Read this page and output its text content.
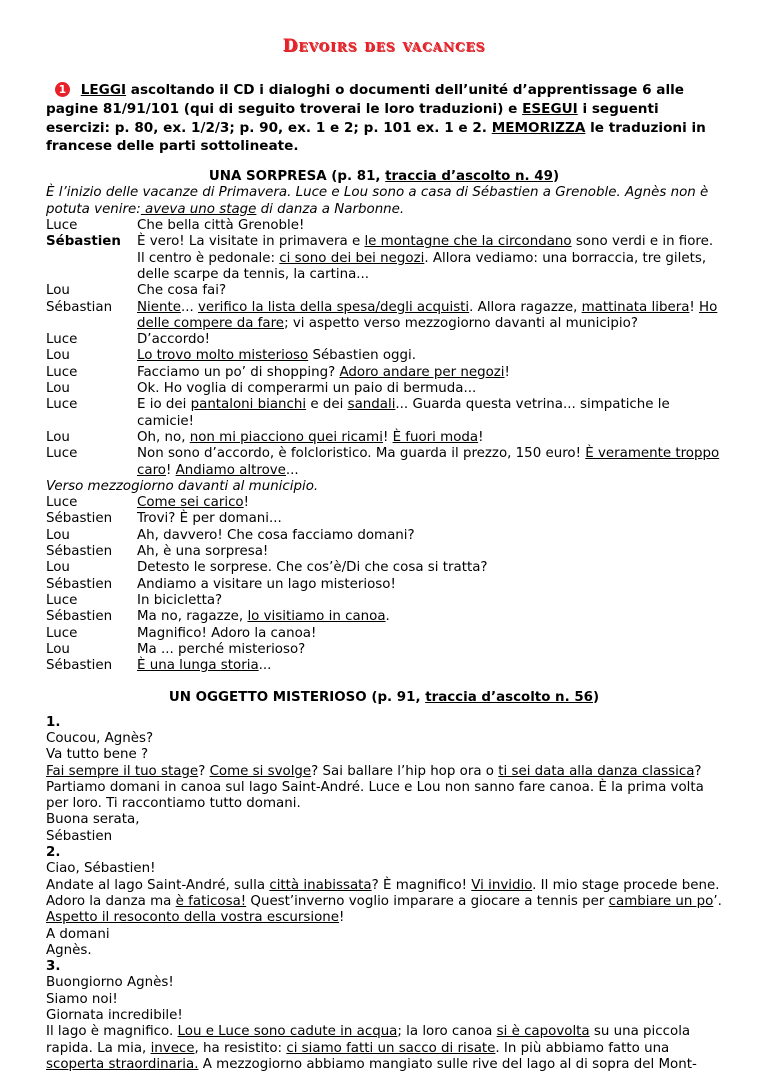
Devoirs des vacances
1 LEGGI ascoltando il CD i dialoghi o documenti dell’unité d’apprentissage 6 alle pagine 81/91/101 (qui di seguito troverai le loro traduzioni) e ESEGUI i seguenti esercizi: p. 80, ex. 1/2/3; p. 90, ex. 1 e 2; p. 101 ex. 1 e 2. MEMORIZZA le traduzioni in francese delle parti sottolineate.
UNA SORPRESA (p. 81, traccia d’ascolto n. 49)
È l’inizio delle vacanze di Primavera. Luce e Lou sono a casa di Sébastien a Grenoble. Agnès non è potuta venire: aveva uno stage di danza a Narbonne.
Luce	Che bella città Grenoble!
Sébastien	È vero! La visitate in primavera e le montagne che la circondano sono verdi e in fiore. Il centro è pedonale: ci sono dei bei negozi. Allora vediamo: una borraccia, tre gilets, delle scarpe da tennis, la cartina...
Lou	Che cosa fai?
Sébastian	Niente... verifico la lista della spesa/degli acquisti. Allora ragazze, mattinata libera! Ho delle compere da fare; vi aspetto verso mezzogiorno davanti al municipio?
Luce	D’accordo!
Lou	Lo trovo molto misterioso Sébastien oggi.
Luce	Facciamo un po’ di shopping? Adoro andare per negozi!
Lou	Ok. Ho voglia di comperarmi un paio di bermuda...
Luce	E io dei pantaloni bianchi e dei sandali... Guarda questa vetrina... simpatiche le camicie!
Lou	Oh, no, non mi piacciono quei ricami! È fuori moda!
Luce	Non sono d’accordo, è folcloristico. Ma guarda il prezzo, 150 euro! È veramente troppo caro! Andiamo altrove...
Verso mezzogiorno davanti al municipio.
Luce	Come sei carico!
Sébastien	Trovi? È per domani...
Lou	Ah, davvero! Che cosa facciamo domani?
Sébastien	Ah, è una sorpresa!
Lou	Detesto le sorprese. Che cos’è/Di che cosa si tratta?
Sébastien	Andiamo a visitare un lago misterioso!
Luce	In bicicletta?
Sébastien	Ma no, ragazze, lo visitiamo in canoa.
Luce	Magnifico! Adoro la canoa!
Lou	Ma ... perché misterioso?
Sébastien	È una lunga storia...
UN OGGETTO MISTERIOSO (p. 91, traccia d’ascolto n. 56)
1.
Coucou, Agnès?
Va tutto bene ?
Fai sempre il tuo stage? Come si svolge? Sai ballare l’hip hop ora o ti sei data alla danza classica? Partiamo domani in canoa sul lago Saint-André. Luce e Lou non sanno fare canoa. È la prima volta per loro. Ti raccontiamo tutto domani.
Buona serata,
Sébastien
2.
Ciao, Sébastien!
Andate al lago Saint-André, sulla città inabissata? È magnifico! Vi invidio. Il mio stage procede bene. Adoro la danza ma è faticosa! Quest’inverno voglio imparare a giocare a tennis per cambiare un po’. Aspetto il resoconto della vostra escursione!
A domani
Agnès.
3.
Buongiorno Agnès!
Siamo noi!
Giornata incredibile!
Il lago è magnifico. Lou e Luce sono cadute in acqua; la loro canoa si è capovolta su una piccola rapida. La mia, invece, ha resistito: ci siamo fatti un sacco di risate. In più abbiamo fatto una scoperta straordinaria. A mezzogiorno abbiamo mangiato sulle rive del lago al di sopra del Mont-
